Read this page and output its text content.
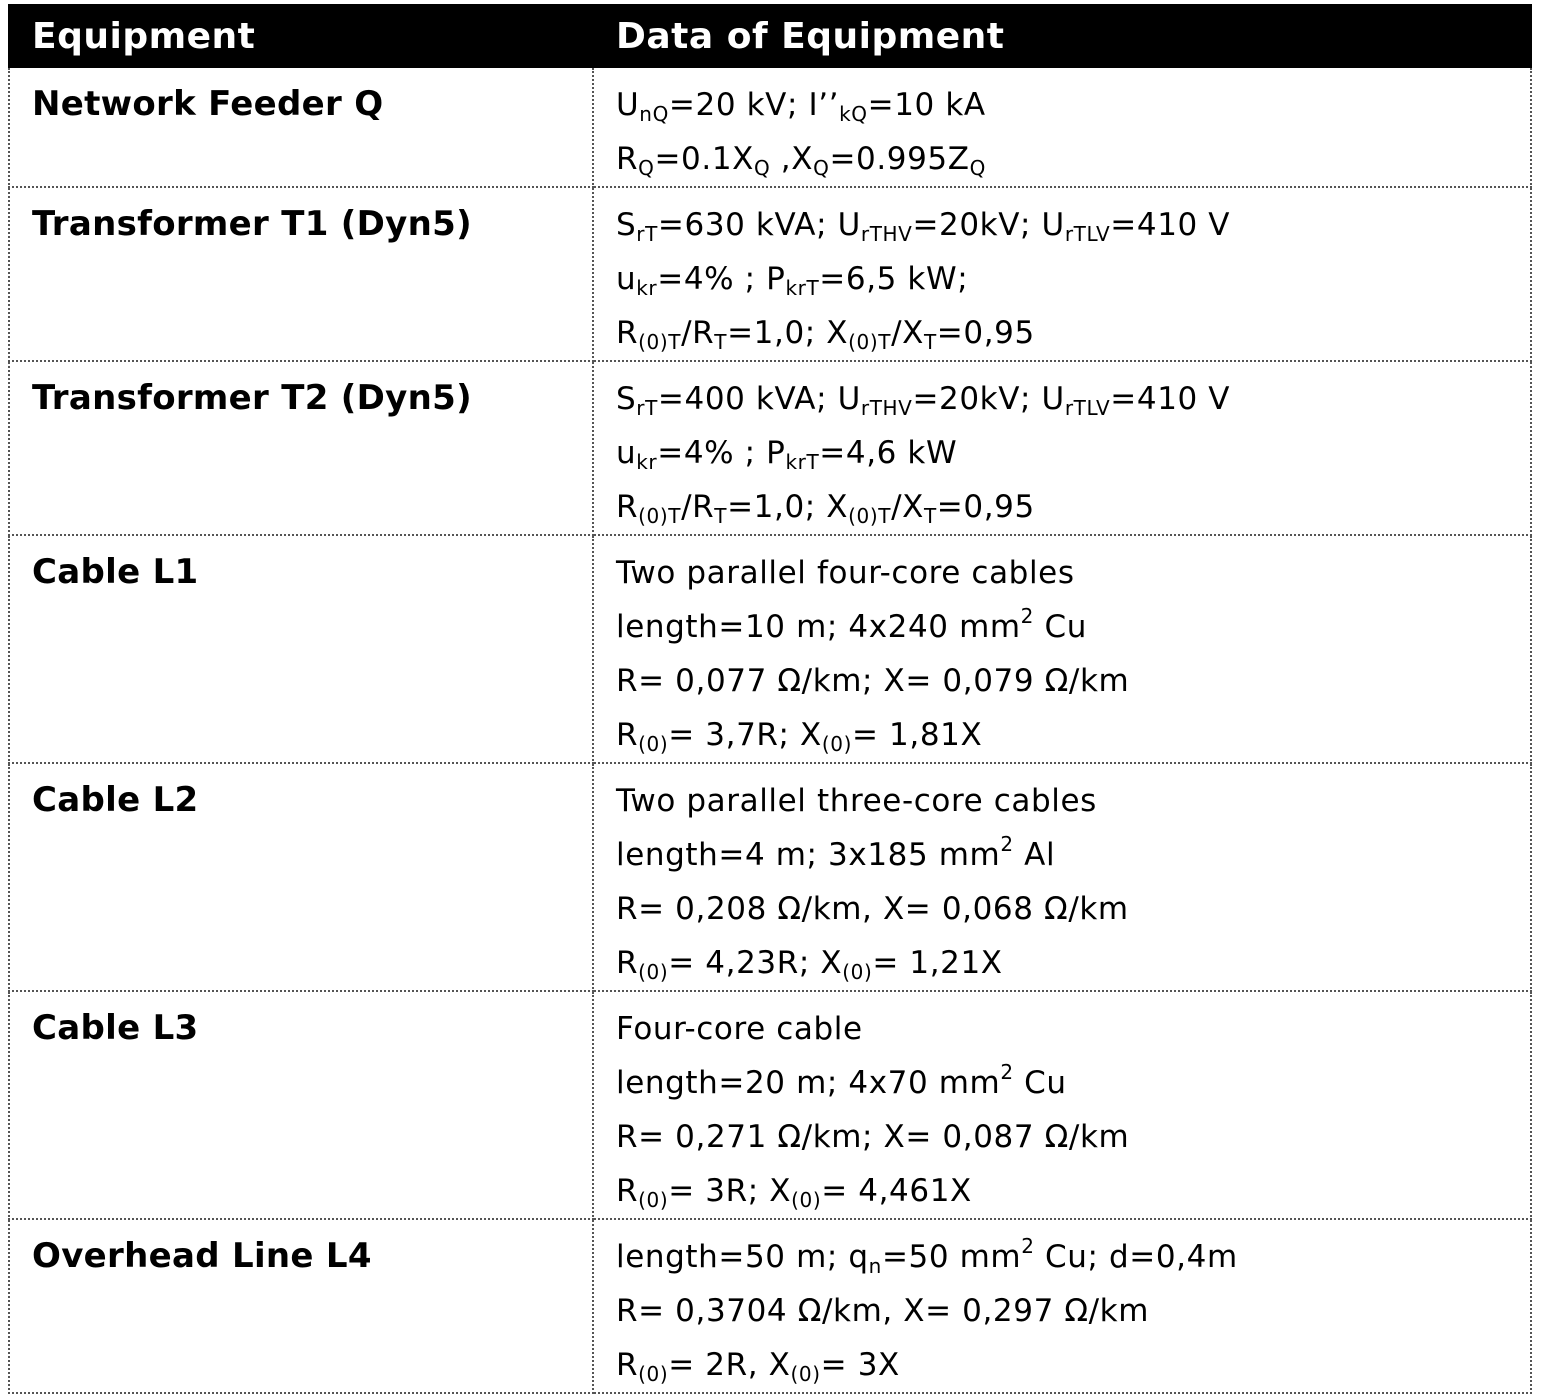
Equipment	Data of Equipment
Network Feeder Q	$U_{nQ}=20$ kV; $I’’_{kQ}=10$ kA
$R_Q=0.1X_Q$ $,X_Q=0.995Z_Q$

Transformer T1 (Dyn5)	$S_{rT}=630$ kVA; $U_{rTHV}=20kV$; $U_{rTLV}=410$ V
$u_{kr}=4\%$ ; $P_{krT}=6,5$ kW;
$R_{(0)T}/R_T=1,0$; $X_{(0)T}/X_T=0,95$

Transformer T2 (Dyn5)	$S_{rT}=400$ kVA; $U_{rTHV}=20kV$; $U_{rTLV}=410$ V
$u_{kr}=4\%$ ; $P_{krT}=4,6$ kW
$R_{(0)T}/R_T=1,0$; $X_{(0)T}/X_T=0,95$

Cable L1	Two parallel four-core cables
length=10 m; 4x240 $mm^2$ Cu
R= 0,077 Ω/km; X= 0,079 Ω/km
$R_{(0)}= 3,7R$; $X_{(0)}= 1,81X$

Cable L2	Two parallel three-core cables
length=4 m; 3x185 $mm^2$ Al
R= 0,208 Ω/km, X= 0,068 Ω/km
$R_{(0)}= 4,23R$; $X_{(0)}= 1,21X$

Cable L3	Four-core cable
length=20 m; 4x70 $mm^2$ Cu
R= 0,271 Ω/km; X= 0,087 Ω/km
$R_{(0)}= 3R$; $X_{(0)}= 4,461X$

Overhead Line L4	length=50 m; $q_n=50$ $mm^2$ Cu; d=0,4m
R= 0,3704 Ω/km, X= 0,297 Ω/km
$R_{(0)}= 2R$, $X_{(0)}= 3X$
